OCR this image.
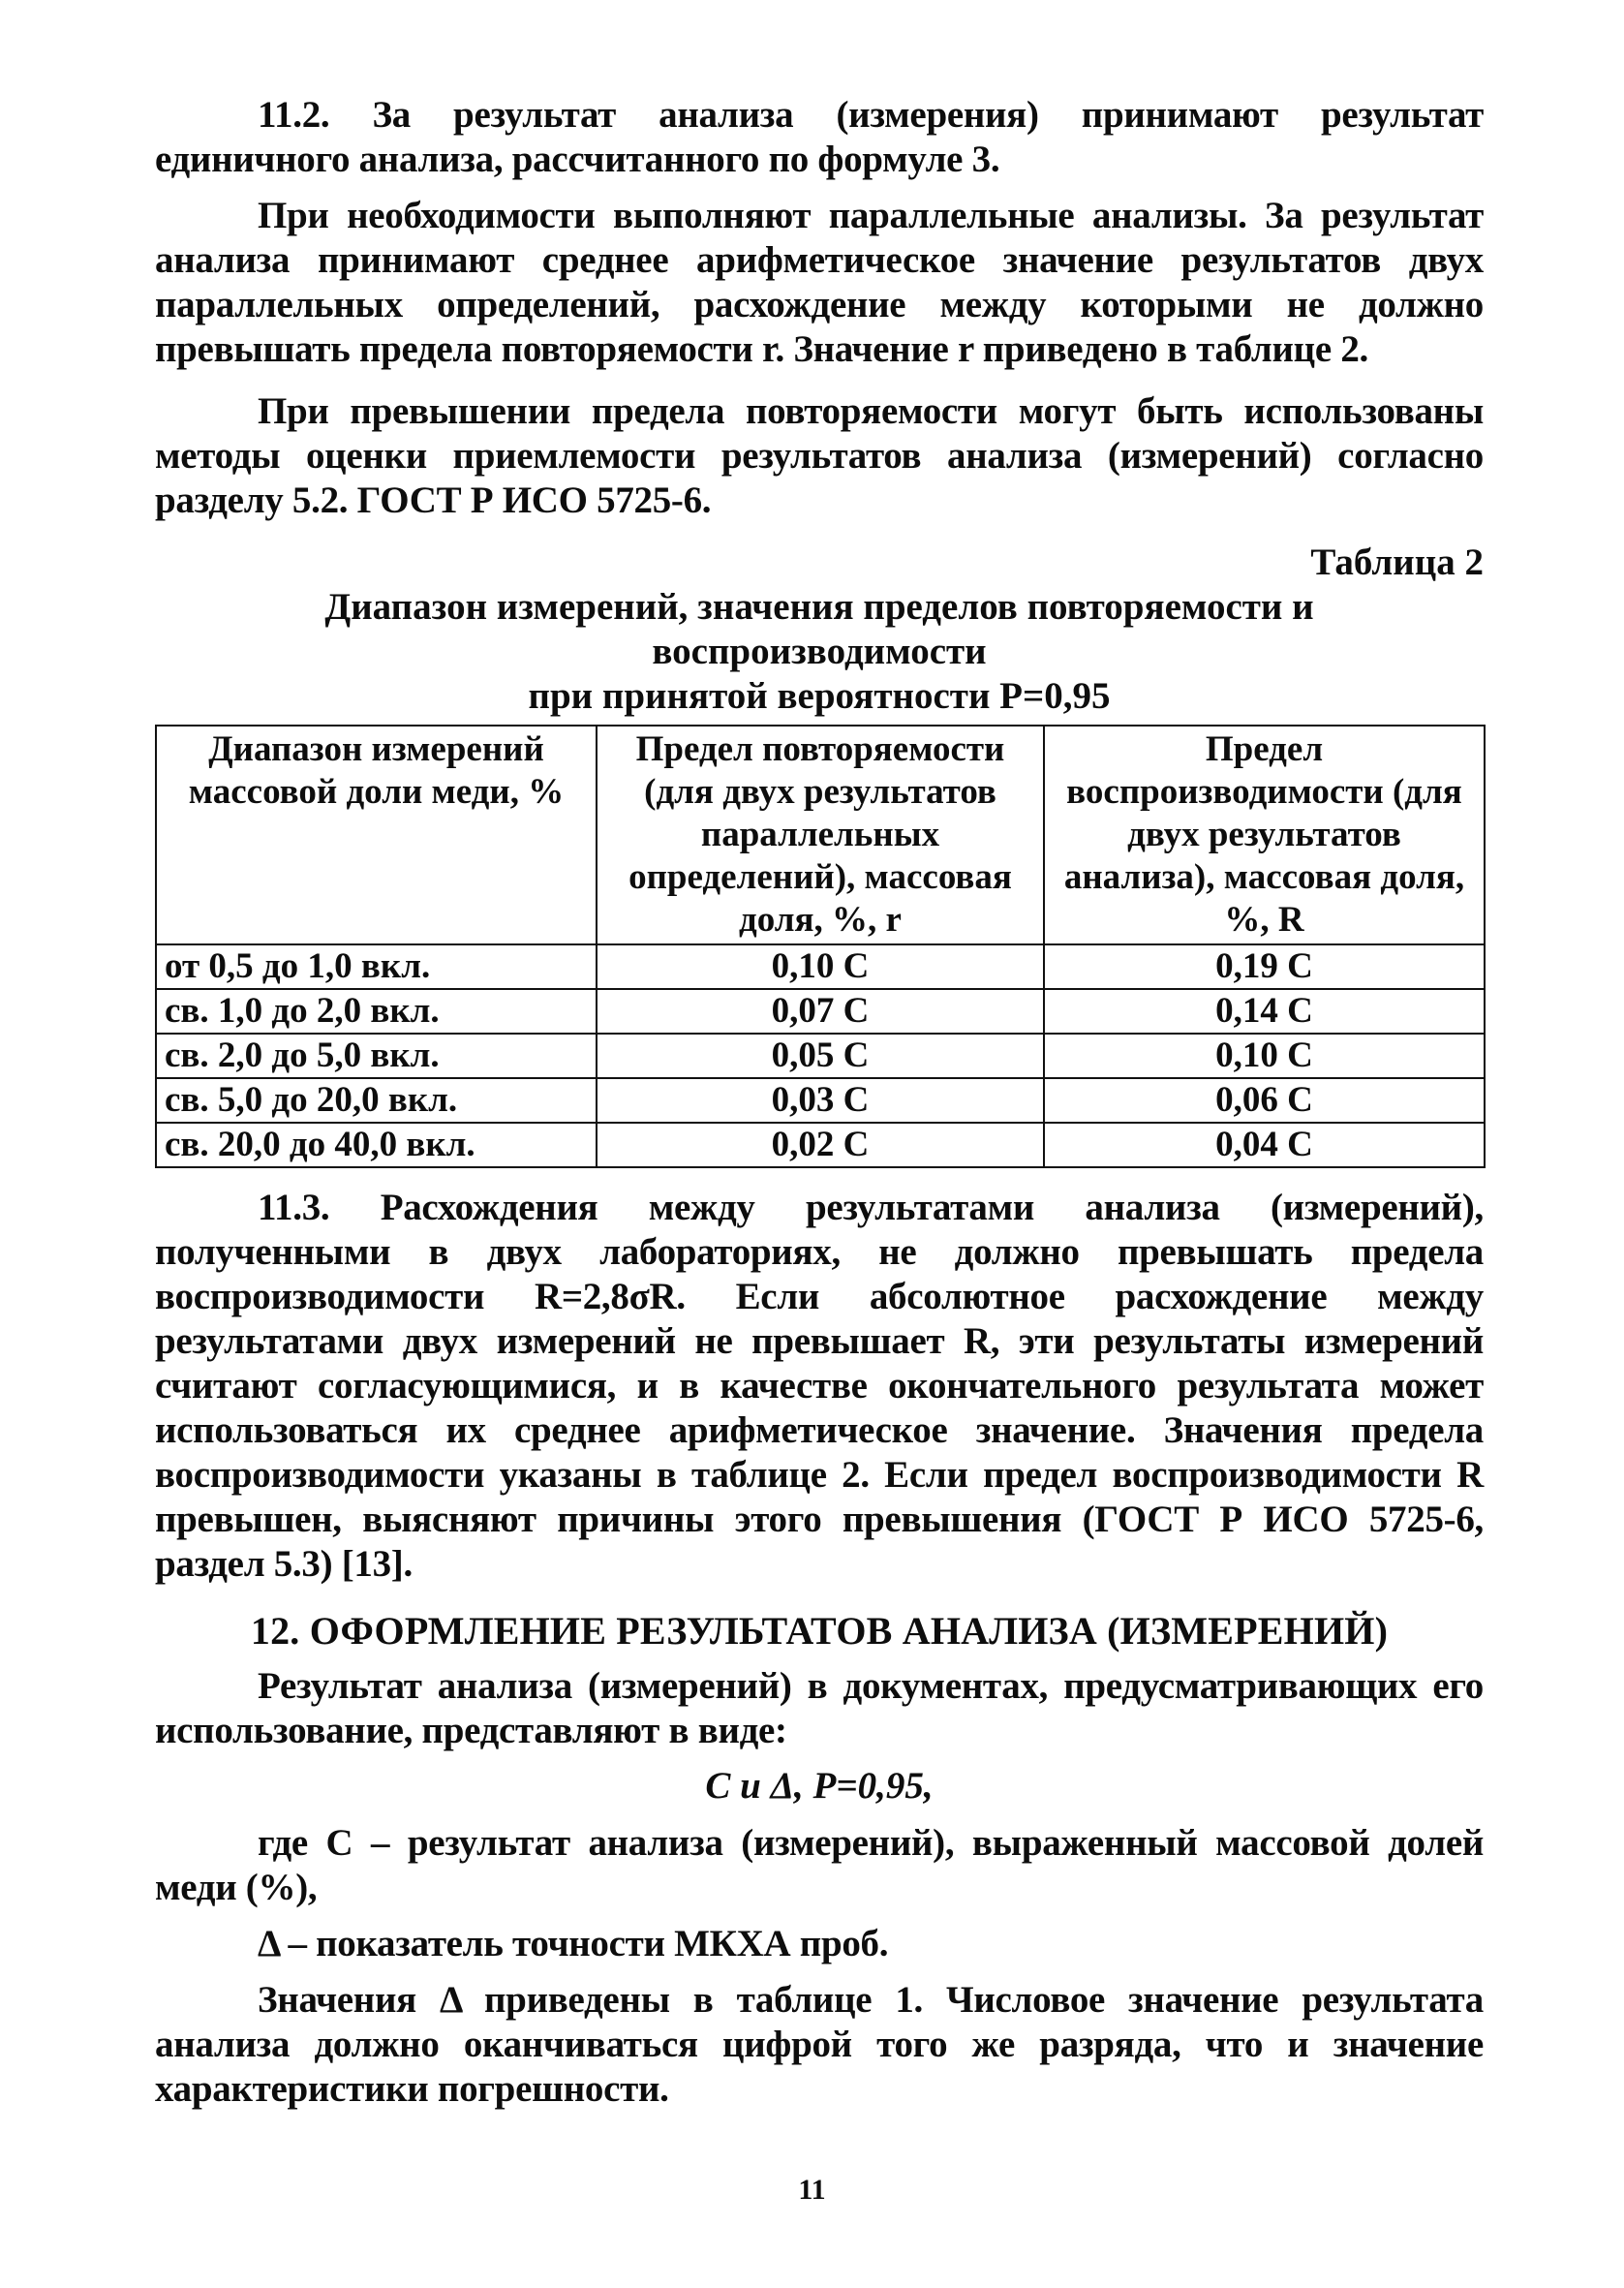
11.2. За результат анализа (измерения) принимают результат единичного анализа, рассчитанного по формуле 3.

При необходимости выполняют параллельные анализы. За результат анализа принимают среднее арифметическое значение результатов двух параллельных определений, расхождение между которыми не должно превышать предела повторяемости r. Значение r приведено в таблице 2.

При превышении предела повторяемости могут быть использованы методы оценки приемлемости результатов анализа (измерений) согласно разделу 5.2. ГОСТ Р ИСО 5725-6.

Таблица 2
Диапазон измерений, значения пределов повторяемости и воспроизводимости
при принятой вероятности P=0,95
Диапазон измерений массовой доли меди, %	Предел повторяемости (для двух результатов параллельных определений), массовая доля, %, r	Предел воспроизводимости (для двух результатов анализа), массовая доля, %, R
от 0,5 до 1,0 вкл.	0,10 C	0,19 C
св. 1,0 до 2,0 вкл.	0,07 C	0,14 C
св. 2,0 до 5,0 вкл.	0,05 C	0,10 C
св. 5,0 до 20,0 вкл.	0,03 C	0,06 C
св. 20,0 до 40,0 вкл.	0,02 C	0,04 C

11.3. Расхождения между результатами анализа (измерений), полученными в двух лабораториях, не должно превышать предела воспроизводимости R=2,8σR. Если абсолютное расхождение между результатами двух измерений не превышает R, эти результаты измерений считают согласующимися, и в качестве окончательного результата может использоваться их среднее арифметическое значение. Значения предела воспроизводимости указаны в таблице 2. Если предел воспроизводимости R превышен, выясняют причины этого превышения (ГОСТ Р ИСО 5725-6, раздел 5.3) [13].

12. ОФОРМЛЕНИЕ РЕЗУЛЬТАТОВ АНАЛИЗА (ИЗМЕРЕНИЙ)

Результат анализа (измерений) в документах, предусматривающих его использование, представляют в виде:

C и Δ, P=0,95,

где C – результат анализа (измерений), выраженный массовой долей меди (%),

Δ – показатель точности МКХА проб.

Значения Δ приведены в таблице 1. Числовое значение результата анализа должно оканчиваться цифрой того же разряда, что и значение характеристики погрешности.

11
